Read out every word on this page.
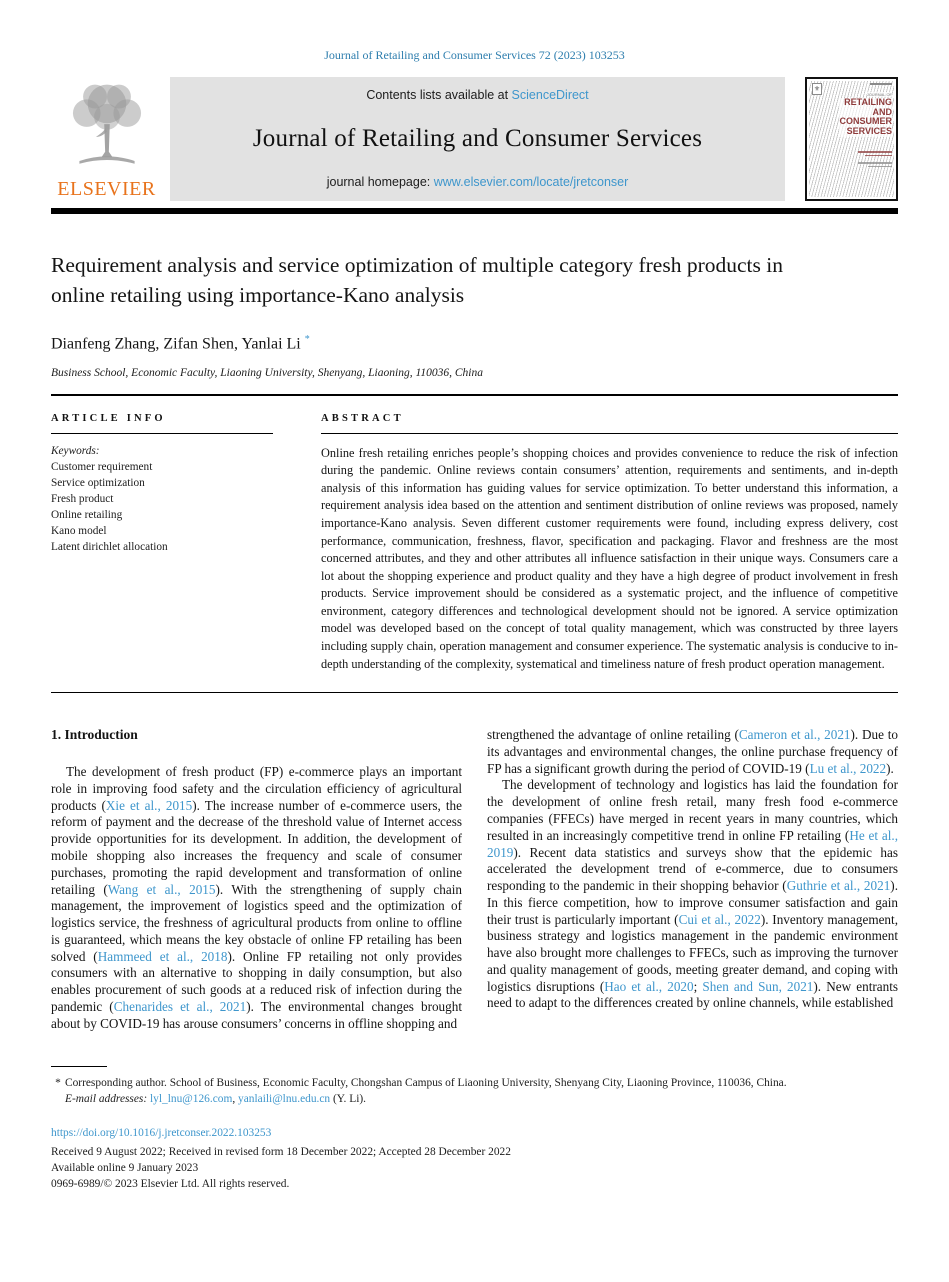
Journal of Retailing and Consumer Services 72 (2023) 103253
ELSEVIER
Contents lists available at ScienceDirect
Journal of Retailing and Consumer Services
journal homepage: www.elsevier.com/locate/jretconser
⚜
JOURNAL OF
RETAILING
AND
CONSUMER
SERVICES
Requirement analysis and service optimization of multiple category fresh products in online retailing using importance-Kano analysis
Dianfeng Zhang, Zifan Shen, Yanlai Li *
Business School, Economic Faculty, Liaoning University, Shenyang, Liaoning, 110036, China
ARTICLE INFO
Keywords:
Customer requirement
Service optimization
Fresh product
Online retailing
Kano model
Latent dirichlet allocation
ABSTRACT
Online fresh retailing enriches people’s shopping choices and provides convenience to reduce the risk of infection during the pandemic. Online reviews contain consumers’ attention, requirements and sentiments, and in-depth analysis of this information has guiding values for service optimization. To better understand this information, a requirement analysis idea based on the attention and sentiment distribution of online reviews was proposed, namely importance-Kano analysis. Seven different customer requirements were found, including express delivery, cost performance, communication, freshness, flavor, specification and packaging. Flavor and freshness are the most concerned attributes, and they and other attributes all influence satisfaction in their unique ways. Consumers care a lot about the shopping experience and product quality and they have a high degree of product involvement in fresh products. Service improvement should be considered as a systematic project, and the influence of competitive environment, category differences and technological development should not be ignored. A service optimization model was developed based on the concept of total quality management, which was constructed by three layers including supply chain, operation management and consumer experience. The systematic analysis is conducive to in-depth understanding of the complexity, systematical and timeliness nature of fresh product operation management.
1. Introduction

The development of fresh product (FP) e-commerce plays an important role in improving food safety and the circulation efficiency of agricultural products (Xie et al., 2015). The increase number of e-commerce users, the reform of payment and the decrease of the threshold value of Internet access provide opportunities for its development. In addition, the development of mobile shopping also increases the frequency and scale of consumer purchases, promoting the rapid development and transformation of online retailing (Wang et al., 2015). With the strengthening of supply chain management, the improvement of logistics speed and the optimization of logistics service, the freshness of agricultural products from online to offline is guaranteed, which means the key obstacle of online FP retailing has been solved (Hammeed et al., 2018). Online FP retailing not only provides consumers with an alternative to shopping in daily consumption, but also enables procurement of such goods at a reduced risk of infection during the pandemic (Chenarides et al., 2021). The environmental changes brought about by COVID-19 has arouse consumers’ concerns in offline shopping and

strengthened the advantage of online retailing (Cameron et al., 2021). Due to its advantages and environmental changes, the online purchase frequency of FP has a significant growth during the period of COVID-19 (Lu et al., 2022).

The development of technology and logistics has laid the foundation for the development of online fresh retail, many fresh food e-commerce companies (FFECs) have merged in recent years in many countries, which resulted in an increasingly competitive trend in online FP retailing (He et al., 2019). Recent data statistics and surveys show that the epidemic has accelerated the development trend of e-commerce, due to consumers responding to the pandemic in their shopping behavior (Guthrie et al., 2021). In this fierce competition, how to improve consumer satisfaction and gain their trust is particularly important (Cui et al., 2022). Inventory management, business strategy and logistics management in the pandemic environment have also brought more challenges to FFECs, such as improving the turnover and quality management of goods, meeting greater demand, and coping with logistics disruptions (Hao et al., 2020; Shen and Sun, 2021). New entrants need to adapt to the differences created by online channels, while established

* Corresponding author. School of Business, Economic Faculty, Chongshan Campus of Liaoning University, Shenyang City, Liaoning Province, 110036, China.
E-mail addresses: lyl_lnu@126.com, yanlaili@lnu.edu.cn (Y. Li).
https://doi.org/10.1016/j.jretconser.2022.103253
Received 9 August 2022; Received in revised form 18 December 2022; Accepted 28 December 2022
Available online 9 January 2023
0969-6989/© 2023 Elsevier Ltd. All rights reserved.
